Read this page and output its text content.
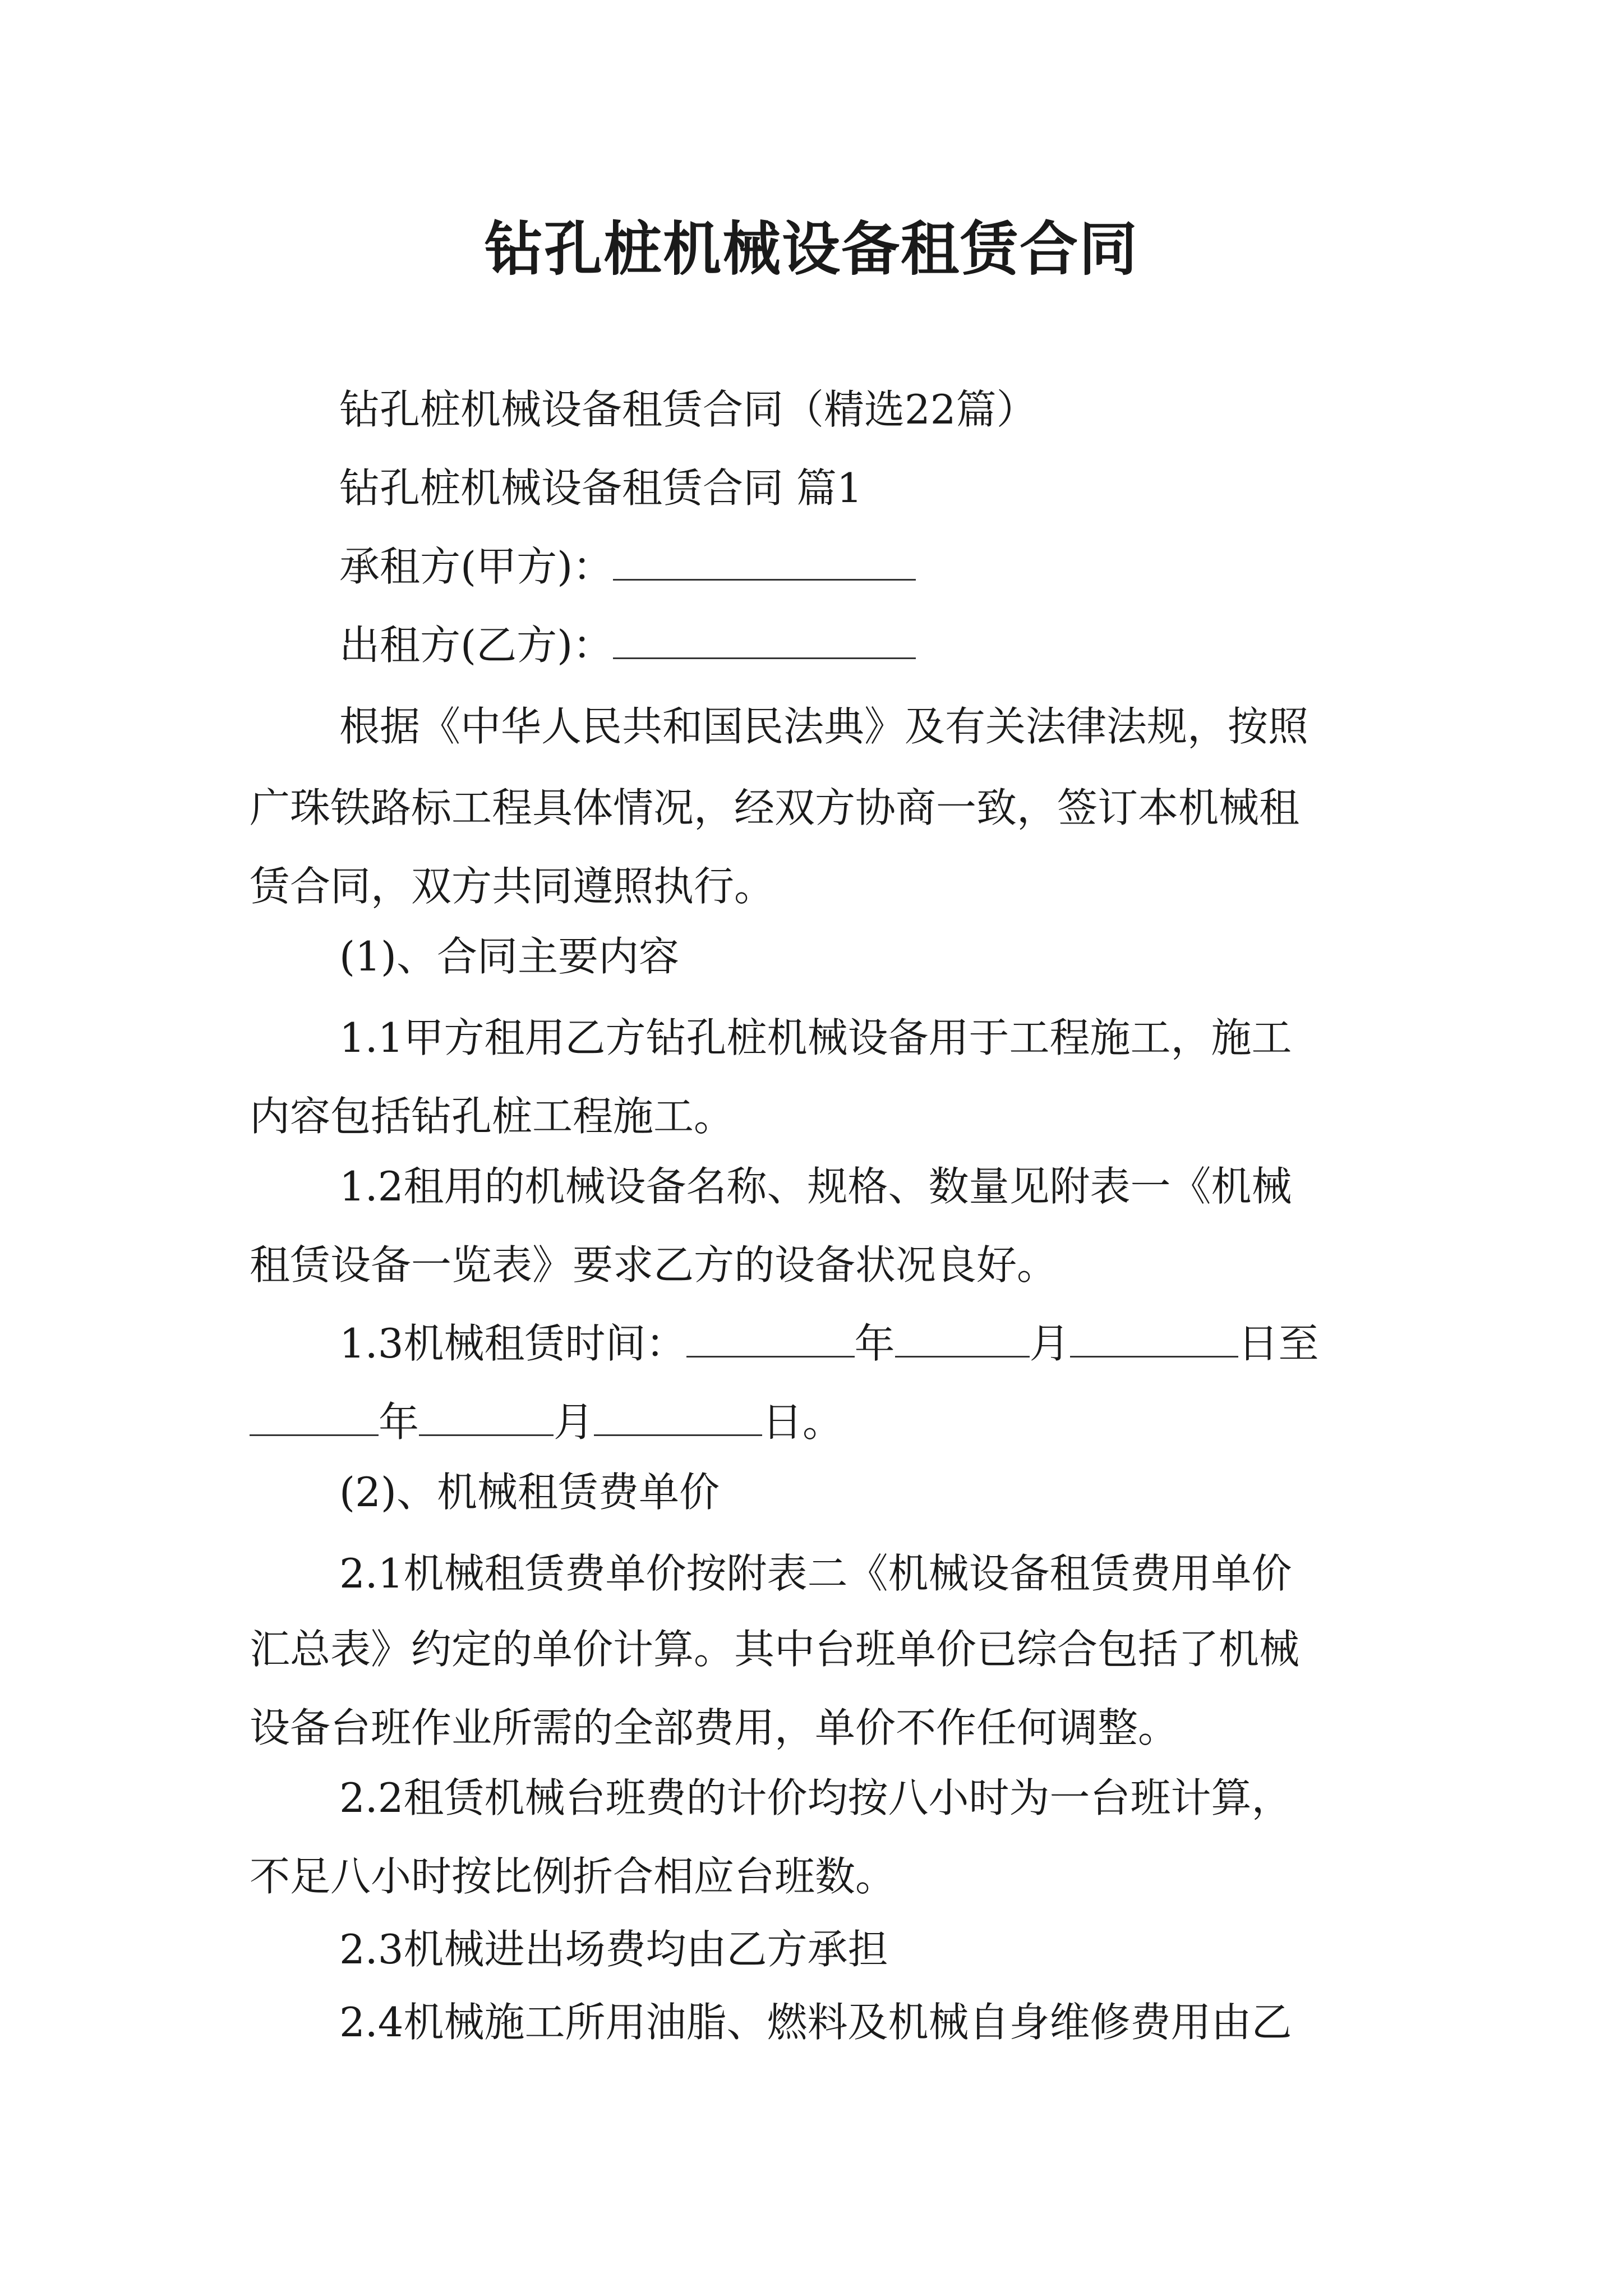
钻孔桩机械设备租赁合同
钻孔桩机械设备租赁合同（精选22篇）
钻孔桩机械设备租赁合同 篇1
承租方(甲方)：
出租方(乙方)：
根据《中华人民共和国民法典》及有关法律法规，按照
广珠铁路标工程具体情况，经双方协商一致，签订本机械租
赁合同，双方共同遵照执行。
(1)、合同主要内容
1.1甲方租用乙方钻孔桩机械设备用于工程施工，施工
内容包括钻孔桩工程施工。
1.2租用的机械设备名称、规格、数量见附表一《机械
租赁设备一览表》要求乙方的设备状况良好。
1.3机械租赁时间：	年	月	日至
年	月	日。
(2)、机械租赁费单价
2.1机械租赁费单价按附表二《机械设备租赁费用单价
汇总表》约定的单价计算。其中台班单价已综合包括了机械
设备台班作业所需的全部费用，单价不作任何调整。
2.2租赁机械台班费的计价均按八小时为一台班计算，
不足八小时按比例折合相应台班数。
2.3机械进出场费均由乙方承担
2.4机械施工所用油脂、燃料及机械自身维修费用由乙
